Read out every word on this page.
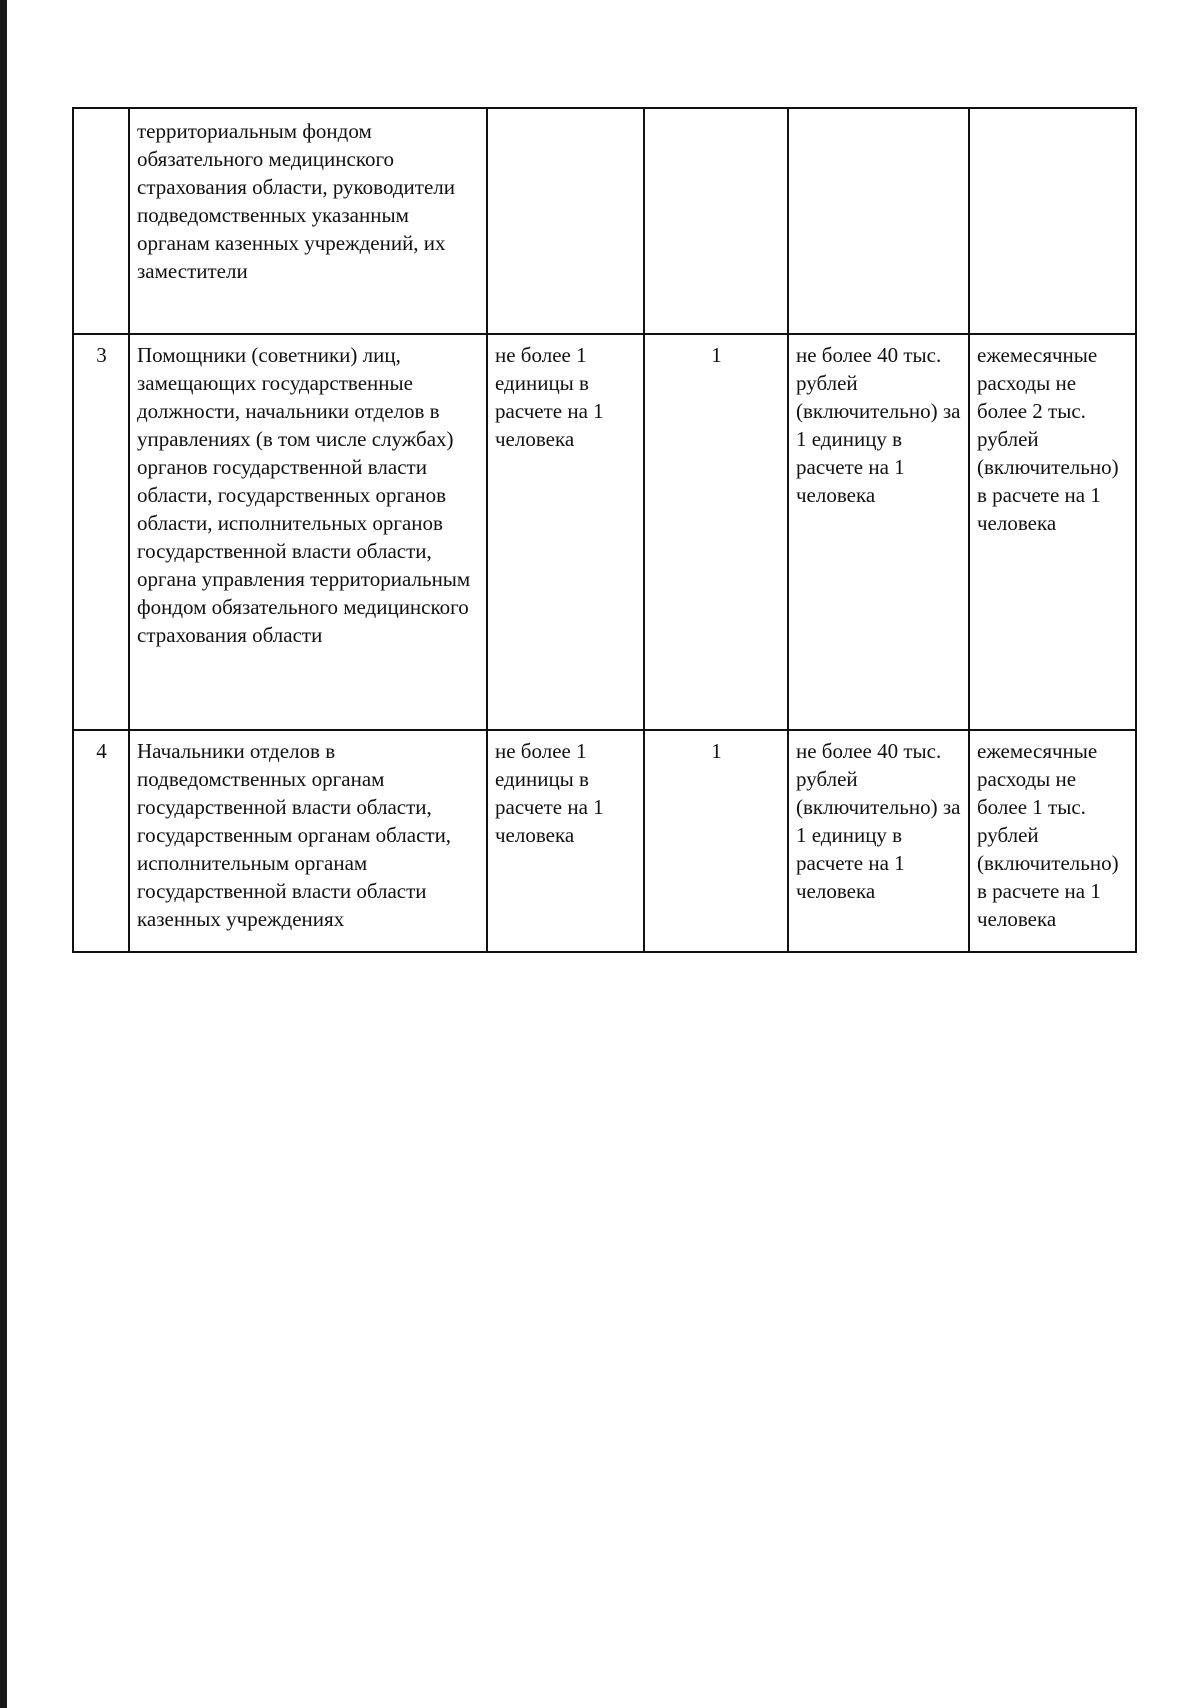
	территориальным фондом обязательного медицинского страхования области, руководители подведомственных указанным органам казенных учреждений, их заместители				
3	Помощники (советники) лиц, замещающих государственные должности, начальники отделов в управлениях (в том числе службах) органов государственной власти области, государственных органов области, исполнительных органов государственной власти области, органа управления территориальным фондом обязательного медицинского страхования области	не более 1 единицы в расчете на 1 человека	1	не более 40 тыс. рублей (включительно) за 1 единицу в расчете на 1 человека	ежемесячные расходы не более 2 тыс. рублей (включительно) в расчете на 1 человека
4	Начальники отделов в подведомственных органам государственной власти области, государственным органам области, исполнительным органам государственной власти области казенных учреждениях	не более 1 единицы в расчете на 1 человека	1	не более 40 тыс. рублей (включительно) за 1 единицу в расчете на 1 человека	ежемесячные расходы не более 1 тыс. рублей (включительно) в расчете на 1 человека
